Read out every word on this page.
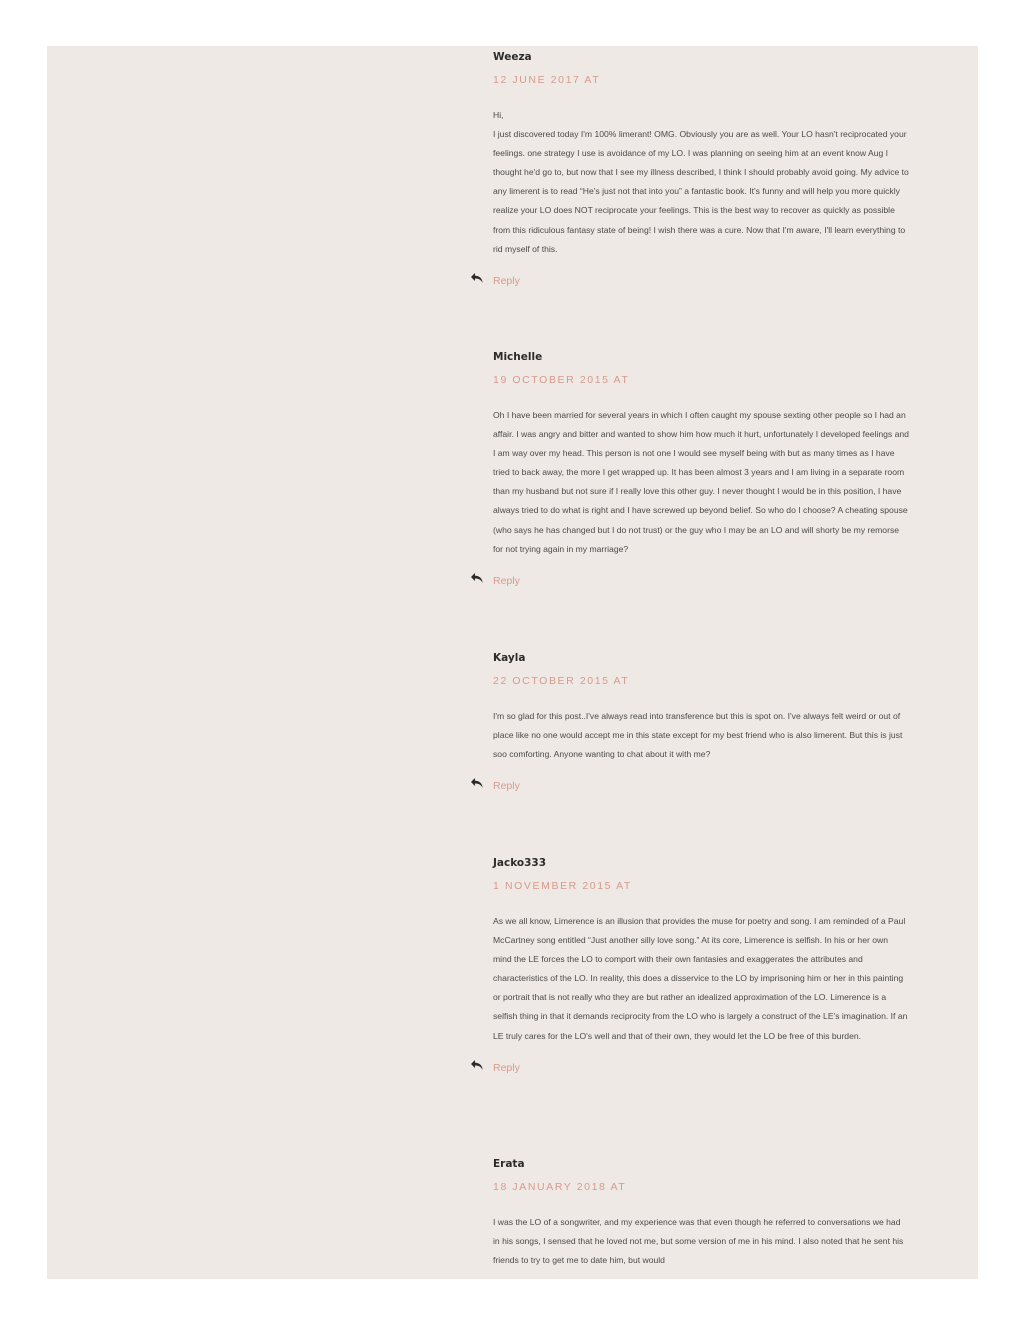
Weeza
12 JUNE 2017 AT

Hi,

I just discovered today I'm 100% limerant! OMG. Obviously you are as well. Your LO hasn't reciprocated your feelings. one strategy I use is avoidance of my LO. I was planning on seeing him at an event know Aug I thought he'd go to, but now that I see my illness described, I think I should probably avoid going. My advice to any limerent is to read “He's just not that into you” a fantastic book. It's funny and will help you more quickly realize your LO does NOT reciprocate your feelings. This is the best way to recover as quickly as possible from this ridiculous fantasy state of being! I wish there was a cure. Now that I'm aware, I'll learn everything to rid myself of this.

Reply
Michelle
19 OCTOBER 2015 AT

Oh I have been married for several years in which I often caught my spouse sexting other people so I had an affair. I was angry and bitter and wanted to show him how much it hurt, unfortunately I developed feelings and I am way over my head. This person is not one I would see myself being with but as many times as I have tried to back away, the more I get wrapped up. It has been almost 3 years and I am living in a separate room than my husband but not sure if I really love this other guy. I never thought I would be in this position, I have always tried to do what is right and I have screwed up beyond belief. So who do I choose? A cheating spouse (who says he has changed but I do not trust) or the guy who I may be an LO and will shorty be my remorse for not trying again in my marriage?

Reply
Kayla
22 OCTOBER 2015 AT

I'm so glad for this post..I've always read into transference but this is spot on. I've always felt weird or out of place like no one would accept me in this state except for my best friend who is also limerent. But this is just soo comforting. Anyone wanting to chat about it with me?

Reply
Jacko333
1 NOVEMBER 2015 AT

As we all know, Limerence is an illusion that provides the muse for poetry and song. I am reminded of a Paul McCartney song entitled “Just another silly love song.” At its core, Limerence is selfish. In his or her own mind the LE forces the LO to comport with their own fantasies and exaggerates the attributes and characteristics of the LO. In reality, this does a disservice to the LO by imprisoning him or her in this painting or portrait that is not really who they are but rather an idealized approximation of the LO. Limerence is a selfish thing in that it demands reciprocity from the LO who is largely a construct of the LE's imagination. If an LE truly cares for the LO's well and that of their own, they would let the LO be free of this burden.

Reply
Erata
18 JANUARY 2018 AT

I was the LO of a songwriter, and my experience was that even though he referred to conversations we had in his songs, I sensed that he loved not me, but some version of me in his mind. I also noted that he sent his friends to try to get me to date him, but would
